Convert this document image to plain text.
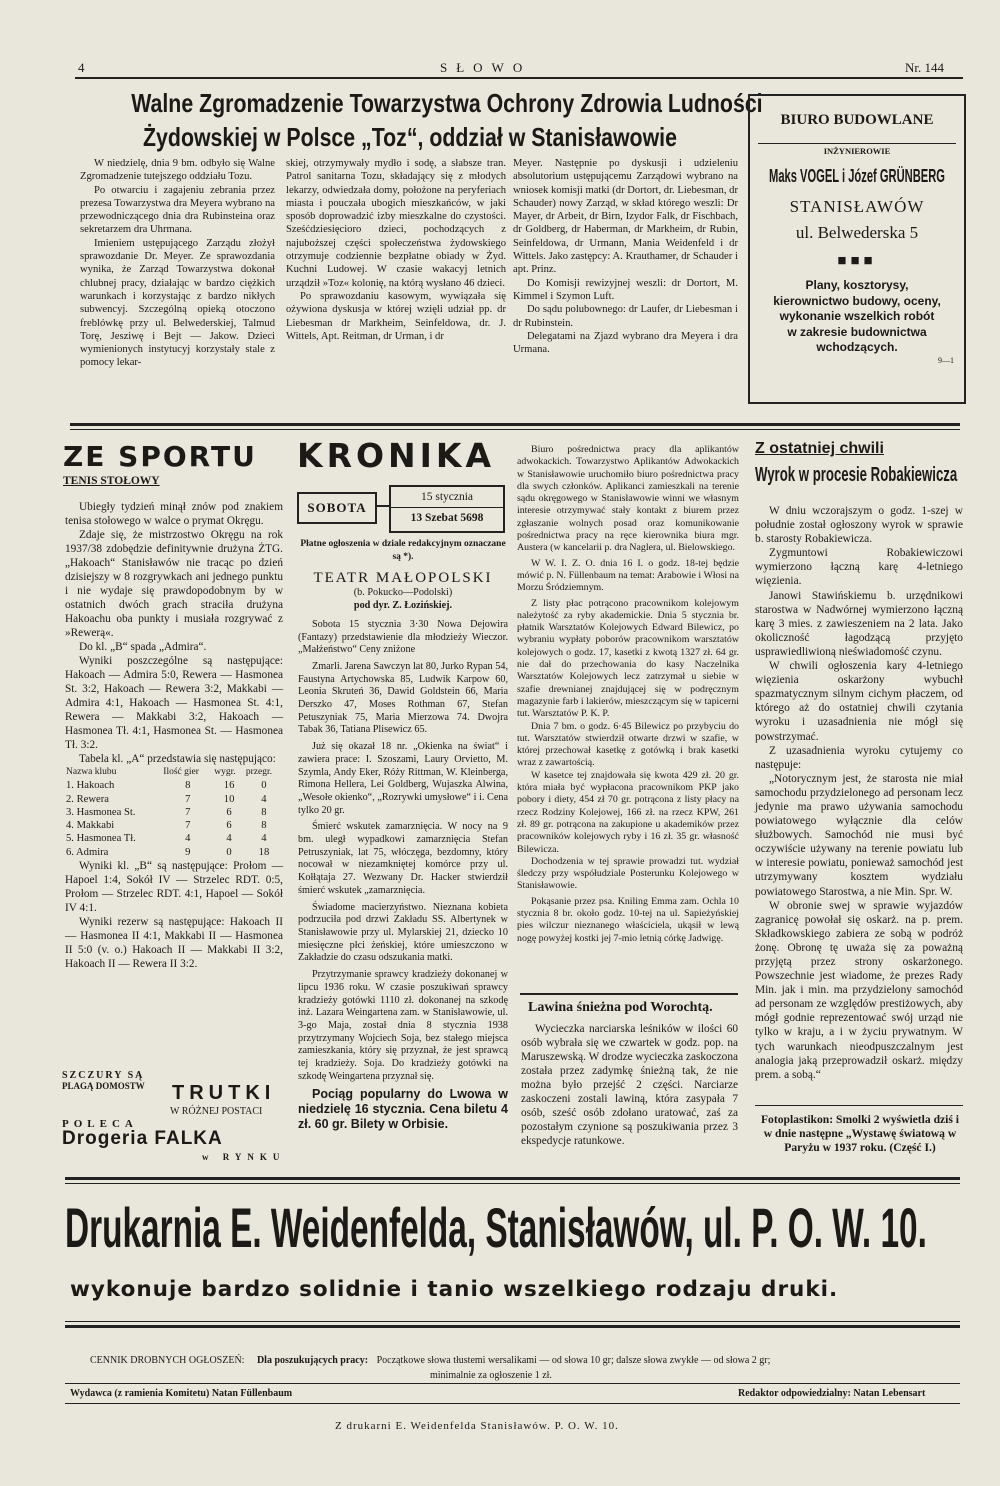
4	SŁOWO	Nr. 144
Walne Zgromadzenie Towarzystwa Ochrony Zdrowia Ludności
Żydowskiej w Polsce „Toz“, oddział w Stanisławowie

W niedzielę, dnia 9 bm. odbyło się Walne Zgromadzenie tutejszego oddziału Tozu.

Po otwarciu i zagajeniu zebrania przez prezesa Towarzystwa dra Meyera wybrano na przewodniczącego dnia dra Rubinsteina oraz sekretarzem dra Uhrmana.

Imieniem ustępującego Zarządu złożył sprawozdanie Dr. Meyer. Ze sprawozdania wynika, że Zarząd Towarzystwa dokonał chlubnej pracy, działając w bardzo ciężkich warunkach i korzystając z bardzo nikłych subwencyj. Szczególną opieką otoczono freblówkę przy ul. Belwederskiej, Talmud Torę, Jesziwę i Bejt — Jakow. Dzieci wymienionych instytucyj korzystały stale z pomocy lekar-

skiej, otrzymywały mydło i sodę, a słabsze tran. Patrol sanitarna Tozu, składający się z młodych lekarzy, odwiedzała domy, położone na peryferiach miasta i pouczała ubogich mieszkańców, w jaki sposób doprowadzić izby mieszkalne do czystości. Sześćdziesięcioro dzieci, pochodzących z najuboższej części społeczeństwa żydowskiego otrzymuje codziennie bezpłatne obiady w Żyd. Kuchni Ludowej. W czasie wakacyj letnich urządził »Toz« kolonię, na którą wysłano 46 dzieci.

Po sprawozdaniu kasowym, wywiązała się ożywiona dyskusja w której wzięli udział pp. dr Liebesman dr Markheim, Seinfeldowa, dr. J. Wittels, Apt. Reitman, dr Urman, i dr

Meyer. Następnie po dyskusji i udzieleniu absolutorium ustępującemu Zarządowi wybrano na wniosek komisji matki (dr Dortort, dr. Liebesman, dr Schauder) nowy Zarząd, w skład którego weszli: Dr Mayer, dr Arbeit, dr Birn, Izydor Falk, dr Fischbach, dr Goldberg, dr Haberman, dr Markheim, dr Rubin, Seinfeldowa, dr Urmann, Mania Weidenfeld i dr Wittels. Jako zastępcy: A. Krauthamer, dr Schauder i apt. Prinz.

Do Komisji rewizyjnej weszli: dr Dortort, M. Kimmel i Szymon Luft.

Do sądu polubownego: dr Laufer, dr Liebesman i dr Rubinstein.

Delegatami na Zjazd wybrano dra Meyera i dra Urmana.

BIURO BUDOWLANE
INŻYNIEROWIE
Maks VOGEL i Józef GRÜNBERG
STANISŁAWÓW
ul. Belwederska 5
■■■
Plany, kosztorysy,
kierownictwo budowy, oceny,
wykonanie wszelkich robót
w zakresie budownictwa
wchodzących.
9—1
ZE SPORTU
TENIS STOŁOWY

Ubiegły tydzień minął znów pod znakiem tenisa stołowego w walce o prymat Okręgu.

Zdaje się, że mistrzostwo Okręgu na rok 1937/38 zdobędzie definitywnie drużyna ŻTG. „Hakoach“ Stanisławów nie tracąc po dzień dzisiejszy w 8 rozgrywkach ani jednego punktu i nie wydaje się prawdopodobnym by w ostatnich dwóch grach straciła drużyna Hakoachu oba punkty i musiała rozgrywać z »Rewerą«.

Do kl. „B“ spada „Admira“.

Wyniki poszczególne są następujące: Hakoach — Admira 5:0, Rewera — Hasmonea St. 3:2, Hakoach — Rewera 3:2, Makkabi — Admira 4:1, Hakoach — Hasmonea St. 4:1, Rewera — Makkabi 3:2, Hakoach — Hasmonea Tł. 4:1, Hasmonea St. — Hasmonea Tł. 3:2.

Tabela kl. „A“ przedstawia się następująco:

Nazwa klubu	Ilość gier	wygr.	przegr.
1. Hakoach	8	16	0
2. Rewera	7	10	4
3. Hasmonea St.	7	6	8
4. Makkabi	7	6	8
5. Hasmonea Tł.	4	4	4
6. Admira	9	0	18

Wyniki kl. „B“ są następujące: Prołom — Hapoel 1:4, Sokół IV — Strzelec RDT. 0:5, Prołom — Strzelec RDT. 4:1, Hapoel — Sokół IV 4:1.

Wyniki rezerw są następujące: Hakoach II — Hasmonea II 4:1, Makkabi II — Hasmonea II 5:0 (v. o.) Hakoach II — Makkabi II 3:2, Hakoach II — Rewera II 3:2.

SZCZURY SĄ
PLAGĄ DOMOSTW	TRUTKI
W RÓŻNEJ POSTACI
POLECA
Drogeria FALKA
w RYNKU
KRONIKA
SOBOTA
15 stycznia
13 Szebat 5698

Płatne ogłoszenia w dziale redakcyjnym oznaczane są *).

TEATR MAŁOPOLSKI

(b. Pokucko—Podolski)

pod dyr. Z. Łozińskiej.

Sobota 15 stycznia 3·30 Nowa Dejowira (Fantazy) przedstawienie dla młodzieży Wieczor. „Małżeństwo“ Ceny zniżone

Zmarli. Jarena Sawczyn lat 80, Jurko Rypan 54, Faustyna Artychowska 85, Ludwik Karpow 60, Leonia Skruteń 36, Dawid Goldstein 66, Maria Derszko 47, Moses Rothman 67, Stefan Petuszyniak 75, Maria Mierzowa 74. Dwojra Tabak 36, Tatiana Plisewicz 65.

Już się okazał 18 nr. „Okienka na świat“ i zawiera prace: I. Szoszami, Laury Orvietto, M. Szymla, Andy Eker, Róży Rittman, W. Kleinberga, Rimona Hellera, Lei Goldberg, Wujaszka Alwina, „Wesołe okienko“, „Rozrywki umysłowe“ i i. Cena tylko 20 gr.

Śmierć wskutek zamarznięcia. W nocy na 9 bm. uległ wypadkowi zamarznięcia Stefan Petruszyniak, lat 75, włóczęga, bezdomny, który nocował w niezamkniętej komórce przy ul. Kołłątaja 27. Wezwany Dr. Hacker stwierdził śmierć wskutek „zamarznięcia.

Świadome macierzyństwo. Nieznana kobieta podrzuciła pod drzwi Zakładu SS. Albertynek w Stanisławowie przy ul. Mylarskiej 21, dziecko 10 miesięczne płci żeńskiej, które umieszczono w Zakładzie do czasu odszukania matki.

Przytrzymanie sprawcy kradzieży dokonanej w lipcu 1936 roku. W czasie poszukiwań sprawcy kradzieży gotówki 1110 zł. dokonanej na szkodę inż. Lazara Weingartena zam. w Stanisławowie, ul. 3-go Maja, został dnia 8 stycznia 1938 przytrzymany Wojciech Soja, bez stałego miejsca zamieszkania, który się przyznał, że jest sprawcą tej kradzieży. Soja. Do kradzieży gotówki na szkodę Weingartena przyznał się.

Pociąg popularny do Lwowa w niedzielę 16 stycznia. Cena biletu 4 zł. 60 gr. Bilety w Orbisie.

Biuro pośrednictwa pracy dla aplikantów adwokackich. Towarzystwo Aplikantów Adwokackich w Stanisławowie uruchomiło biuro pośrednictwa pracy dla swych członków. Aplikanci zamieszkali na terenie sądu okręgowego w Stanisławowie winni we własnym interesie otrzymywać stały kontakt z biurem przez zgłaszanie wolnych posad oraz komunikowanie pośrednictwa pracy na ręce kierownika biura mgr. Austera (w kancelarii p. dra Naglera, ul. Bielowskiego.

W W. I. Z. O. dnia 16 I. o godz. 18-tej będzie mówić p. N. Füllenbaum na temat: Arabowie i Włosi na Morzu Śródziemnym.

Z listy płac potrącono pracownikom kolejowym należytość za ryby akademickie. Dnia 5 stycznia br. płatnik Warsztatów Kolejowych Edward Bilewicz, po wybraniu wypłaty poborów pracownikom warsztatów kolejowych o godz. 17, kasetki z kwotą 1327 zł. 64 gr. nie dał do przechowania do kasy Naczelnika Warsztatów Kolejowych lecz zatrzymał u siebie w szafie drewnianej znajdującej się w podręcznym magazynie farb i lakierów, mieszczącym się w tapicerni tut. Warsztatów P. K. P.

Dnia 7 bm. o godz. 6·45 Bilewicz po przybyciu do tut. Warsztatów stwierdził otwarte drzwi w szafie, w której przechował kasetkę z gotówką i brak kasetki wraz z zawartością.

W kasetce tej znajdowała się kwota 429 zł. 20 gr. która miała być wypłacona pracownikom PKP jako pobory i diety, 454 zł 70 gr. potrącona z listy płacy na rzecz Rodziny Kolejowej, 166 zł. na rzecz KPW, 261 zł. 89 gr. potrącona na zakupione u akademików przez pracowników kolejowych ryby i 16 zł. 35 gr. własność Bilewicza.

Dochodzenia w tej sprawie prowadzi tut. wydział śledczy przy współudziale Posterunku Kolejowego w Stanisławowie.

Pokąsanie przez psa. Kniling Emma zam. Ochla 10 stycznia 8 br. około godz. 10-tej na ul. Sapieżyńskiej pies wilczur nieznanego właściciela, ukąsił w lewą nogę powyżej kostki jej 7-mio letnią córkę Jadwigę.

Lawina śnieżna pod Worochtą.

Wycieczka narciarska leśników w ilości 60 osób wybrała się we czwartek w godz. pop. na Maruszewską. W drodze wycieczka zaskoczona została przez zadymkę śnieżną tak, że nie można było przejść 2 części. Narciarze zaskoczeni zostali lawiną, która zasypała 7 osób, sześć osób zdołano uratować, zaś za pozostałym czynione są poszukiwania przez 3 ekspedycje ratunkowe.

Z ostatniej chwili
Wyrok w procesie Robakiewicza

W dniu wczorajszym o godz. 1-szej w południe został ogłoszony wyrok w sprawie b. starosty Robakiewicza.

Zygmuntowi Robakiewiczowi wymierzono łączną karę 4-letniego więzienia.

Janowi Stawińskiemu b. urzędnikowi starostwa w Nadwórnej wymierzono łączną karę 3 mies. z zawieszeniem na 2 lata. Jako okoliczność łagodzącą przyjęto usprawiedliwioną nieświadomość czynu.

W chwili ogłoszenia kary 4-letniego więzienia oskarżony wybuchł spazmatycznym silnym cichym płaczem, od którego aż do ostatniej chwili czytania wyroku i uzasadnienia nie mógł się powstrzymać.

Z uzasadnienia wyroku cytujemy co następuje:

„Notorycznym jest, że starosta nie miał samochodu przydzielonego ad personam lecz jedynie ma prawo używania samochodu powiatowego wyłącznie dla celów służbowych. Samochód nie musi być oczywiście używany na terenie powiatu lub w interesie powiatu, ponieważ samochód jest utrzymywany kosztem wydziału powiatowego Starostwa, a nie Min. Spr. W.

W obronie swej w sprawie wyjazdów zagranicę powołał się oskarż. na p. prem. Składkowskiego zabiera ze sobą w podróż żonę. Obronę tę uważa się za poważną przyjętą przez strony oskarżonego. Powszechnie jest wiadome, że prezes Rady Min. jak i min. ma przydzielony samochód ad personam ze względów prestiżowych, aby mógł godnie reprezentować swój urząd nie tylko w kraju, a i w życiu prywatnym. W tych warunkach nieodpuszczalnym jest analogia jaką przeprowadził oskarż. między prem. a sobą.“

Fotoplastikon: Smolki 2 wyświetla dziś i w dnie następne „Wystawę światową w Paryżu w 1937 roku. (Część I.)

Drukarnia E. Weidenfelda, Stanisławów, ul. P. O. W. 10.
wykonuje bardzo solidnie i tanio wszelkiego rodzaju druki.
CENNIK DROBNYCH OGŁOSZEŃ: Dla poszukujących pracy: Początkowe słowa tłustemi wersalikami — od słowa 10 gr; dalsze słowa zwykłe — od słowa 2 gr;
minimalnie za ogłoszenie 1 zł.
Wydawca (z ramienia Komitetu) Natan Füllenbaum	Redaktor odpowiedzialny: Natan Lebensart
Z drukarni E. Weidenfelda Stanisławów. P. O. W. 10.
